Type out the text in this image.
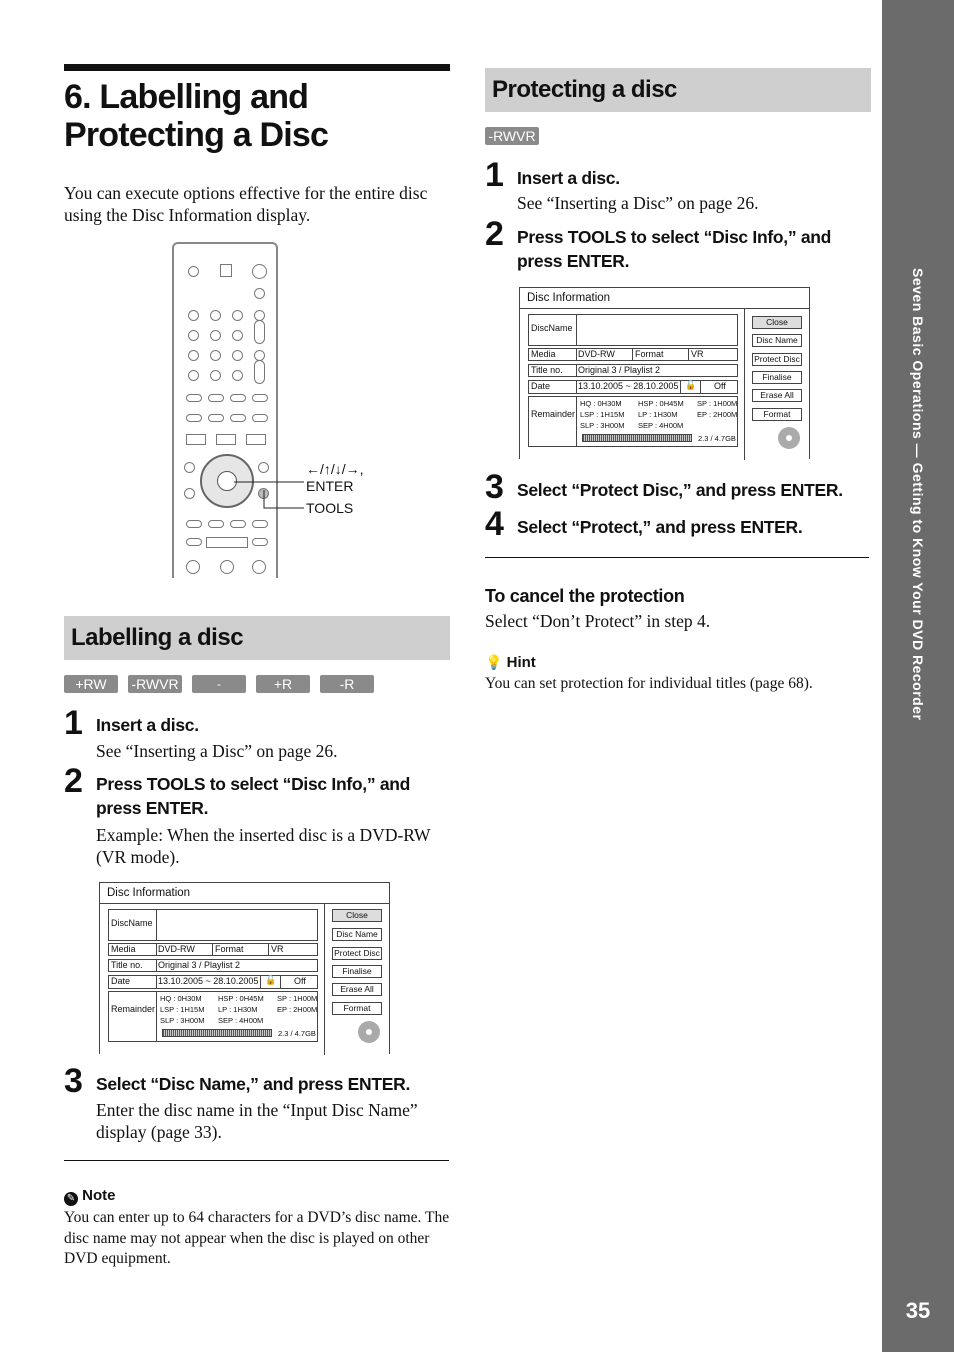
Seven Basic Operations — Getting to Know Your DVD Recorder
35
6. Labelling and Protecting a Disc
You can execute options effective for the entire disc using the Disc Information display.
←/↑/↓/→,
ENTER
TOOLS
Labelling a disc
+RW	-RWVR	-RWVideo
+R	-R
1 Insert a disc.
See “Inserting a Disc” on page 26.
2 Press TOOLS to select “Disc Info,” and press ENTER.
Example: When the inserted disc is a DVD-RW (VR mode).
Disc Information
DiscName
Media DVD-RW Format	VR
Title no. Original 3 / Playlist 2
Date	13.10.2005 ~ 28.10.2005 🔓 Off
Remainder
HQ : 0H30M HSP : 0H45M SP : 1H00M
LSP : 1H15M LP : 1H30M	EP : 2H00M
SLP : 3H00M SEP : 4H00M
2.3 / 4.7GB
Close
Disc Name
Protect Disc
Finalise
Erase All
Format
3 Select “Disc Name,” and press ENTER.
Enter the disc name in the “Input Disc Name” display (page 33).
✎ Note
You can enter up to 64 characters for a DVD’s disc name. The disc name may not appear when the disc is played on other DVD equipment.
Protecting a disc
-RWVR
1 Insert a disc.
See “Inserting a Disc” on page 26.
2 Press TOOLS to select “Disc Info,” and press ENTER.
Disc Information
DiscName
Media DVD-RW Format	VR
Title no. Original 3 / Playlist 2
Date	13.10.2005 ~ 28.10.2005 🔓 Off
Remainder
HQ : 0H30M HSP : 0H45M SP : 1H00M
LSP : 1H15M LP : 1H30M	EP : 2H00M
SLP : 3H00M SEP : 4H00M
2.3 / 4.7GB
Close
Disc Name
Protect Disc
Finalise
Erase All
Format
3 Select “Protect Disc,” and press ENTER.
4 Select “Protect,” and press ENTER.
To cancel the protection
Select “Don’t Protect” in step 4.
💡 Hint
You can set protection for individual titles (page 68).
